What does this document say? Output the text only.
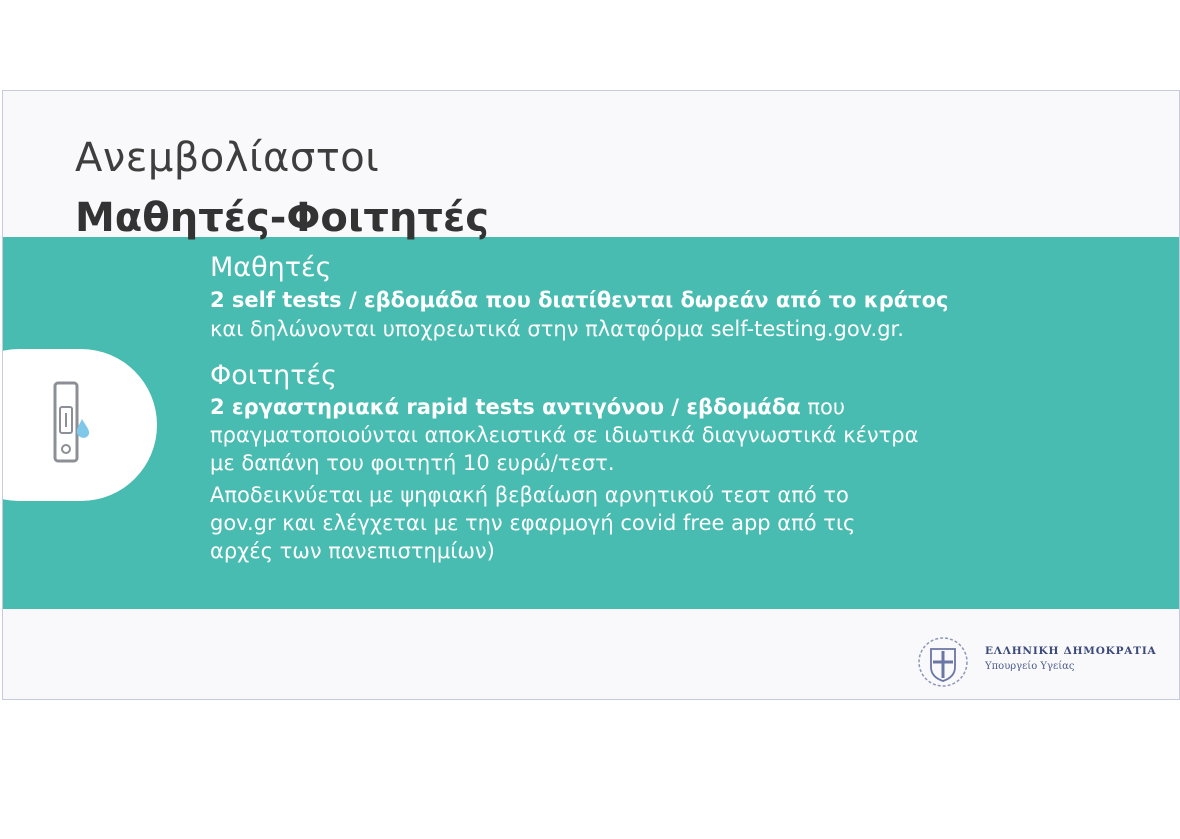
Ανεμβολίαστοι
Μαθητές-Φοιτητές
Μαθητές
2 self tests / εβδομάδα που διατίθενται δωρεάν από το κράτος
και δηλώνονται υποχρεωτικά στην πλατφόρμα self-testing.gov.gr.
Φοιτητές
2 εργαστηριακά rapid tests αντιγόνου / εβδομάδα που
πραγματοποιούνται αποκλειστικά σε ιδιωτικά διαγνωστικά κέντρα
με δαπάνη του φοιτητή 10 ευρώ/τεστ.
Αποδεικνύεται με ψηφιακή βεβαίωση αρνητικού τεστ από το
gov.gr και ελέγχεται με την εφαρμογή covid free app από τις
αρχές των πανεπιστημίων)
ΕΛΛΗΝΙΚΗ ΔΗΜΟΚΡΑΤΙΑ
Υπουργείο Υγείας
